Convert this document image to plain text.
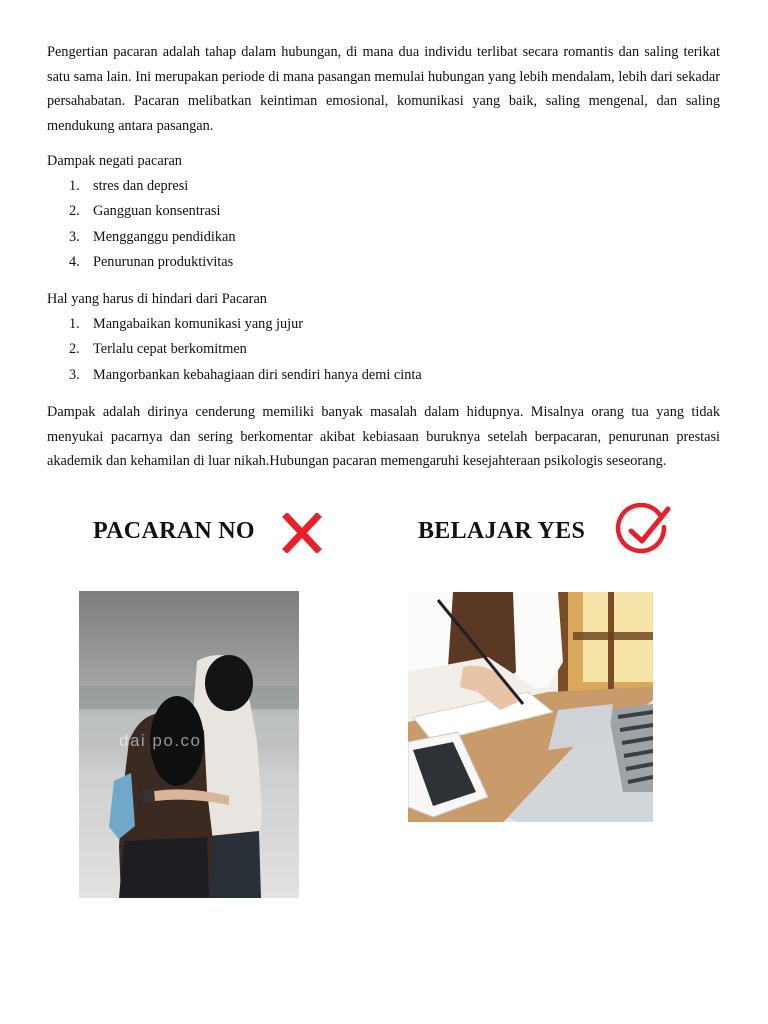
Pengertian pacaran adalah tahap dalam hubungan, di mana dua individu terlibat secara romantis dan saling terikat satu sama lain. Ini merupakan periode di mana pasangan memulai hubungan yang lebih mendalam, lebih dari sekadar persahabatan. Pacaran melibatkan keintiman emosional, komunikasi yang baik, saling mengenal, dan saling mendukung antara pasangan.

Dampak negati pacaran

1. stres dan depresi
2. Gangguan konsentrasi
3. Mengganggu pendidikan
4. Penurunan produktivitas

Hal yang harus di hindari dari Pacaran

1. Mangabaikan komunikasi yang jujur
2. Terlalu cepat berkomitmen
3. Mangorbankan kebahagiaan diri sendiri hanya demi cinta

Dampak adalah dirinya cenderung memiliki banyak masalah dalam hidupnya. Misalnya orang tua yang tidak menyukai pacarnya dan sering berkomentar akibat kebiasaan buruknya setelah berpacaran, penurunan prestasi akademik dan kehamilan di luar nikah.Hubungan pacaran memengaruhi kesejahteraan psikologis seseorang.

PACARAN NO	BELAJAR YES
dai po.co
